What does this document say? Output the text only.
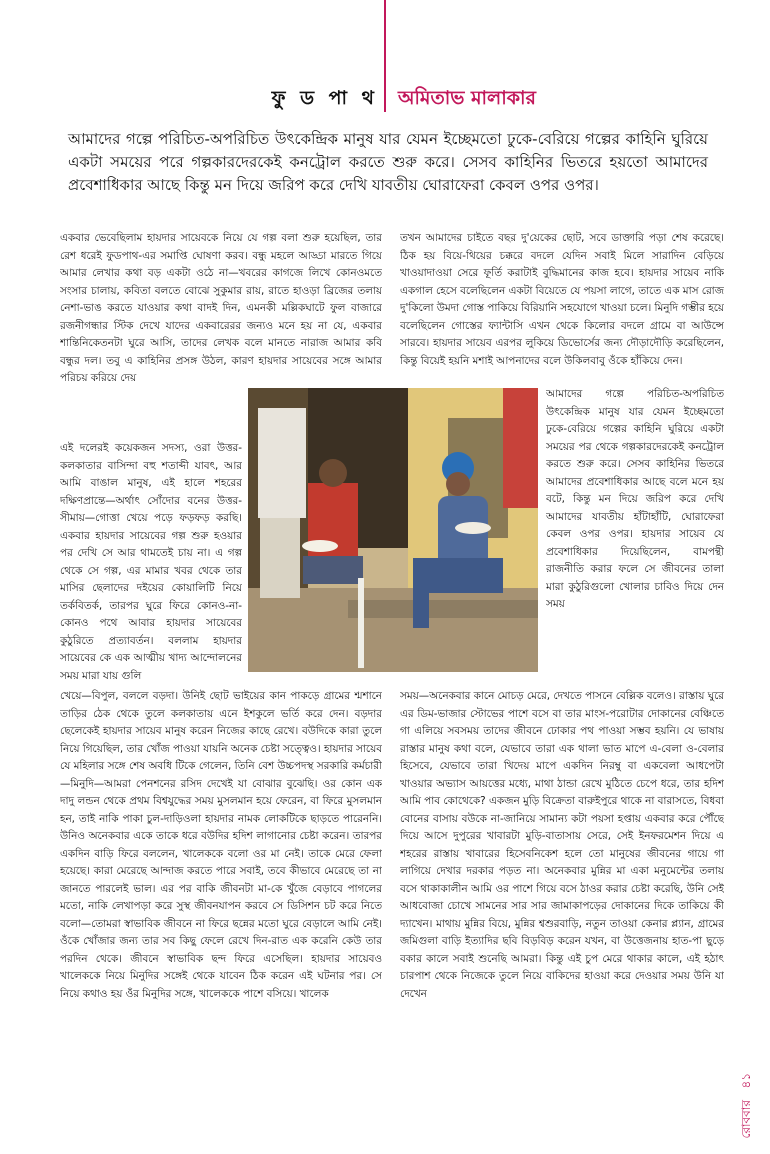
ফু ড পা থ অমিতাভ মালাকার
আমাদের গল্পে পরিচিত-অপরিচিত উৎকেন্দ্রিক মানুষ যার যেমন ইচ্ছেমতো ঢুকে-বেরিয়ে গল্পের কাহিনি ঘুরিয়ে একটা সময়ের পরে গল্পকারদেরকেই কনট্রোল করতে শুরু করে। সেসব কাহিনির ভিতরে হয়তো আমাদের প্রবেশাধিকার আছে কিন্তু মন দিয়ে জরিপ করে দেখি যাবতীয় ঘোরাফেরা কেবল ওপর ওপর।
একবার ভেবেছিলাম হায়দার সায়েবকে নিয়ে যে গল্প বলা শুরু হয়েছিল, তার রেশ ধরেই ফুডপাথ-এর সমাপ্তি ঘোষণা করব। বন্ধু মহলে আড্ডা মারতে গিয়ে আমার লেখার কথা বড় একটা ওঠে না—খবরের কাগজে লিখে কোনওমতে সংসার চালায়, কবিতা বলতে বোঝে সুকুমার রায়, রাতে হাওড়া ব্রিজের তলায় নেশা-ভাঙ করতে যাওয়ার কথা বাদই দিন, এমনকী মল্লিকঘাটে ফুল বাজারে রজনীগন্ধার স্টিক দেখে যাদের একবারেরর জন্যও মনে হয় না যে, একবার শান্তিনিকেতনটা ঘুরে আসি, তাদের লেখক বলে মানতে নারাজ আমার কবি বন্ধুর দল। তবু এ কাহিনির প্রসঙ্গ উঠল, কারণ হায়দার সায়েবের সঙ্গে আমার পরিচয় করিয়ে দেয়
এই দলেরই কয়েকজন সদস্য, ওরা উত্তর-কলকাতার বাসিন্দা বহু শতাব্দী যাবৎ, আর আমি বাঙাল মানুষ, এই হালে শহরের দক্ষিণপ্রান্তে—অর্থাৎ সোঁদোর বনের উত্তর-সীমায়—গোত্তা খেয়ে পড়ে ফড়ফড় করছি। একবার হায়দার সায়েবের গল্প শুরু হওয়ার পর দেখি সে আর থামতেই চায় না। এ গল্প থেকে সে গল্প, এর মামার খবর থেকে তার মাসির ছেলাদের দইয়ের কোয়ালিটি নিয়ে তর্কবিতর্ক, তারপর ঘুরে ফিরে কোনও-না-কোনও পথে আবার হায়দার সায়েবের কুঠুরিতে প্রত্যাবর্তন। বললাম হায়দার সায়েবের কে এক আত্মীয় খাদ্য আন্দোলনের সময় মারা যায় গুলি
খেয়ে—বিপুল, বললে বড়দা। উনিই ছোট ভাইয়ের কান পাকড়ে গ্রামের শ্মশানে তাড়ির ঠেক থেকে তুলে কলকাতায় এনে ইশকুলে ভর্তি করে দেন। বড়দার ছেলেকেই হায়দার সায়েব মানুষ করেন নিজের কাছে রেখে। বউদিকে কারা তুলে নিয়ে গিয়েছিল, তার খোঁজ পাওয়া যায়নি অনেক চেষ্টা সত্ত্বেও। হায়দার সায়েব যে মহিলার সঙ্গে শেষ অবধি টিকে গেলেন, তিনি বেশ উচ্চপদস্থ সরকারি কর্মচারী—মিনুদি—আমরা পেনশনের রসিদ দেখেই যা বোঝার বুঝেছি। ওর কোন এক দাদু লন্ডন থেকে প্রথম বিশ্বযুদ্ধের সময় মুসলমান হয়ে ফেরেন, বা ফিরে মুসলমান হন, তাই নাকি পাকা চুল-দাড়িওলা হায়দার নামক লোকটিকে ছাড়তে পারেননি। উনিও অনেকবার একে তাকে ধরে বউদির হদিশ লাগানোর চেষ্টা করেন। তারপর একদিন বাড়ি ফিরে বললেন, খালেককে বলো ওর মা নেই। তাকে মেরে ফেলা হয়েছে। কারা মেরেছে আন্দাজ করতে পারে সবাই, তবে কীভাবে মেরেছে তা না জানতে পারলেই ভাল। এর পর বাকি জীবনটা মা-কে খুঁজে বেড়াবে পাগলের মতো, নাকি লেখাপড়া করে সুস্থ জীবনযাপন করবে সে ডিসিশন চট করে নিতে বলো—তোমরা স্বাভাবিক জীবনে না ফিরে ছন্নের মতো ঘুরে বেড়ালে আমি নেই। ওঁকে খোঁজার জন্য তার সব কিছু ফেলে রেখে দিন-রাত এক করেনি কেউ তার পরদিন থেকে। জীবনে স্বাভাবিক ছন্দ ফিরে এসেছিল। হায়দার সায়েবও খালেককে নিয়ে মিনুদির সঙ্গেই থেকে যাবেন ঠিক করেন এই ঘটনার পর। সে নিয়ে কথাও হয় ওঁর মিনুদির সঙ্গে, খালেককে পাশে বসিয়ে। খালেক
তখন আমাদের চাইতে বছর দু'য়েকের ছোট, সবে ডাক্তারি পড়া শেষ করেছে। ঠিক হয় বিয়ে-থিয়ের চক্করে বদলে যেদিন সবাই মিলে সারাদিন বেড়িয়ে খাওয়াদাওয়া সেরে ফূর্তি করাটাই বুদ্ধিমানের কাজ হবে। হায়দার সায়েব নাকি একগাল হেসে বলেছিলেন একটা বিয়েতে যে পয়সা লাগে, তাতে এক মাস রোজ দু'কিলো উমদা গোস্ত পাকিয়ে বিরিয়ানি সহযোগে খাওয়া চলে। মিনুদি গম্ভীর হয়ে বলেছিলেন গোস্তের ফ্যান্টাসি এখন থেকে কিলোর বদলে গ্রামে বা আউন্সে সারবে। হায়দার সায়েব এরপর লুকিয়ে ডিভোর্সের জন্য দৌড়াদৌড়ি করেছিলেন, কিন্তু বিয়েই হয়নি মশাই আপনাদের বলে উকিলবাবু ওঁকে হাঁকিয়ে দেন।
আমাদের গল্পে পরিচিত-অপরিচিত উৎকেন্দ্রিক মানুষ যার যেমন ইচ্ছেমতো ঢুকে-বেরিয়ে গল্পের কাহিনি ঘুরিয়ে একটা সময়ের পর থেকে গল্পকারদেরকেই কনট্রোল করতে শুরু করে। সেসব কাহিনির ভিতরে আমাদের প্রবেশাধিকার আছে বলে মনে হয় বটে, কিন্তু মন দিয়ে জরিপ করে দেখি আমাদের যাবতীয় হাঁটাহাঁটি, ঘোরাফেরা কেবল ওপর ওপর। হায়দার সায়েব যে প্রবেশাধিকার দিয়েছিলেন, বামপন্থী রাজনীতি করার ফলে সে জীবনের তালা মারা কুঠুরিগুলো খোলার চাবিও দিয়ে দেন সময়
সময়—অনেকবার কানে মোচড় মেরে, দেখতে পাসনে বেল্লিক বলেও। রাস্তায় ঘুরে এর ডিম-ভাজার স্টোভের পাশে বসে বা তার মাংস-পরোটার দোকানের বেঞ্চিতে গা এলিয়ে সবসময় তাদের জীবনে ঢোকার পথ পাওয়া সম্ভব হয়নি। যে ভাষায় রাস্তার মানুষ কথা বলে, যেভাবে তারা এক থালা ভাত মাপে এ-বেলা ও-বেলার হিসেবে, যেভাবে তারা খিদেয় মাপে একদিন নিরম্বু বা একবেলা আধপেটা খাওয়ার অভ্যাস আয়ত্তের মধ্যে, মাথা ঠান্ডা রেখে মুঠিতে চেপে ধরে, তার হদিশ আমি পাব কোথেকে? একজন মুড়ি বিক্রেতা বারুইপুরে থাকে না বারাসতে, বিধবা বোনের বাসায় বউকে না-জানিয়ে সামান্য কটা পয়সা হপ্তায় একবার করে পৌঁছে দিয়ে আসে দুপুরের খাবারটা মুড়ি-বাতাসায় সেরে, সেই ইনফরমেশন দিয়ে এ শহরের রাস্তায় খাবারের হিসেবনিকেশ হলে তো মানুষের জীবনের গায়ে গা লাগিয়ে দেখার দরকার পড়ত না। অনেকবার মুন্নির মা একা মনুমেন্টের তলায় বসে থাকাকালীন আমি ওর পাশে গিয়ে বসে ঠাওর করার চেষ্টা করেছি, উনি সেই আধবোজা চোখে সামনের সার সার জামাকাপড়ের দোকানের দিকে তাকিয়ে কী দ্যাখেন। মাথায় মুন্নির বিয়ে, মুন্নির শ্বশুরবাড়ি, নতুন তাওয়া কেনার প্ল্যান, গ্রামের জমিগুলা বাড়ি ইত্যাদির ছবি বিড়বিড় করেন যখন, বা উত্তেজনায় হাত-পা ছুড়ে বকার কালে সবাই শুনেছি আমরা। কিন্তু এই চুপ মেরে থাকার কালে, এই হঠাৎ চারপাশ থেকে নিজেকে তুলে নিয়ে বাকিদের হাওয়া করে দেওয়ার সময় উনি যা দেখেন
রোববার   ৪১
